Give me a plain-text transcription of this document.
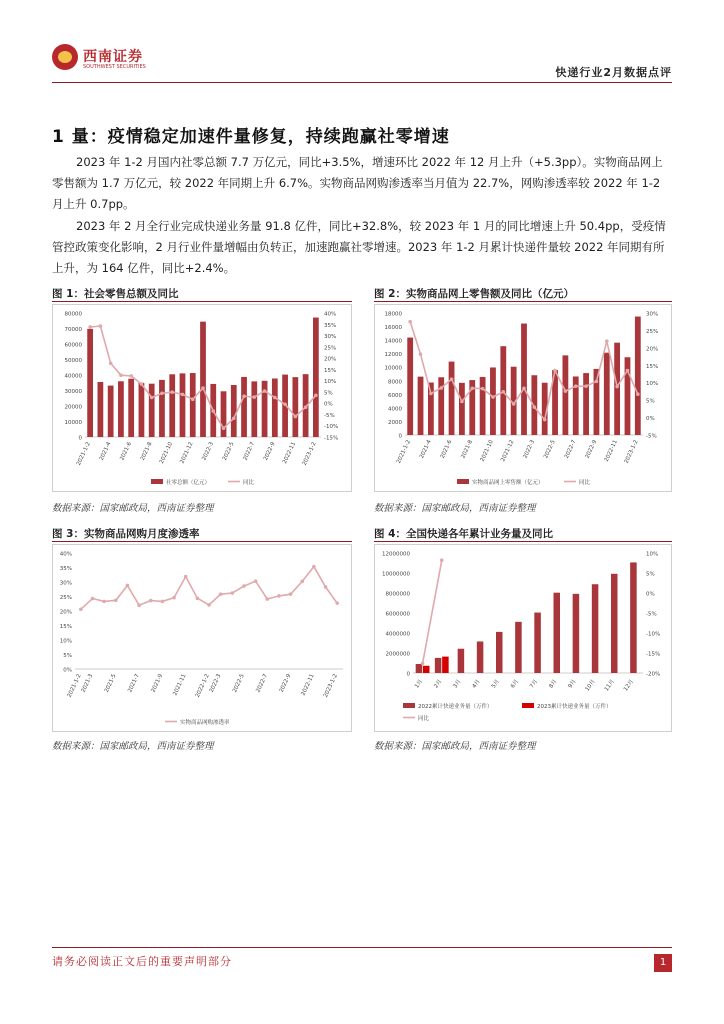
西南证券
SOUTHWEST SECURITIES	快递行业2月数据点评
1 量：疫情稳定加速件量修复，持续跑赢社零增速
2023 年 1-2 月国内社零总额 7.7 万亿元，同比+3.5%，增速环比 2022 年 12 月上升（+5.3pp）。实物商品网上零售额为 1.7 万亿元，较 2022 年同期上升 6.7%。实物商品网购渗透率当月值为 22.7%，网购渗透率较 2022 年 1-2 月上升 0.7pp。
2023 年 2 月全行业完成快递业务量 91.8 亿件，同比+32.8%，较 2023 年 1 月的同比增速上升 50.4pp，受疫情管控政策变化影响，2 月行业件量增幅由负转正，加速跑赢社零增速。2023 年 1-2 月累计快递件量较 2022 年同期有所上升，为 164 亿件，同比+2.4%。
图 1：社会零售总额及同比
0
10000
20000
30000
40000
50000
60000
70000
80000
-15%
-10%
-5%
0%
5%
10%
15%
20%
25%
30%
35%
40%
2021-1-2 2021-4 2021-6 2021-8 2021-10 2021-12 2022-3 2022-5 2022-7 2022-9 2022-11 2023-1-2
社零总额（亿元）	同比
数据来源：国家邮政局，西南证券整理
图 2：实物商品网上零售额及同比（亿元）
0
2000
4000
6000
8000
10000
12000
14000
16000
18000
-5%
0%
5%
10%
15%
20%
25%
30%
2021-1-2 2021-4 2021-6 2021-8 2021-10 2021-12 2022-3 2022-5 2022-7 2022-9 2022-11 2023-1-2
实物商品网上零售额（亿元）	同比
数据来源：国家邮政局，西南证券整理
图 3：实物商品网购月度渗透率
0%
5%
10%
15%
20%
25%
30%
35%
40%
2021-1-2
2021-3 2021-5 2021-7 2021-9 2021-11 2022-1-2
2022-3 2022-5 2022-7 2022-9 2022-11 2023-1-2
实物商品网购渗透率
数据来源：国家邮政局，西南证券整理
图 4：全国快递各年累计业务量及同比
0
2000000
4000000
6000000
8000000
10000000
12000000
-20%
-15%
-10%
-5%
0%
5%
10%
1月 2月 3月 4月 5月 6月 7月 8月 9月 10月 11月 12月
2022累计快递业务量（万件）	2023累计快递业务量（万件）
同比
数据来源：国家邮政局，西南证券整理
请务必阅读正文后的重要声明部分	1
